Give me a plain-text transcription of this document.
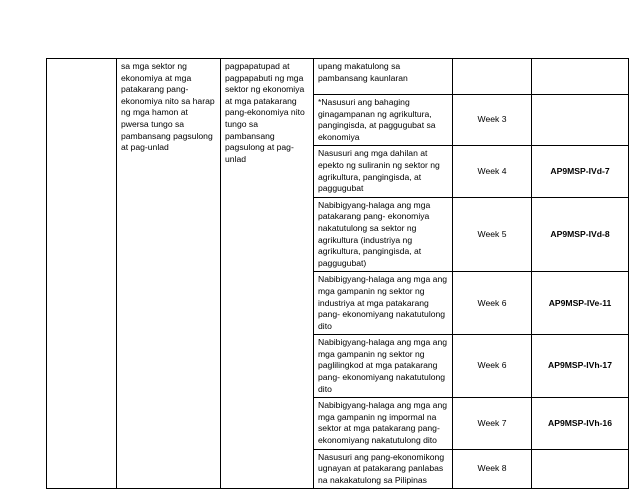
	sa mga sektor ng ekonomiya at mga patakarang pang-ekonomiya nito sa harap ng mga hamon at pwersa tungo sa pambansang pagsulong at pag-unlad	pagpapatupad at pagpapabuti ng mga sektor ng ekonomiya at mga patakarang pang-ekonomiya nito tungo sa pambansang pagsulong at pag-unlad	upang makatulong sa pambansang kaunlaran		
			*Nasusuri ang bahaging ginagampanan ng agrikultura, pangingisda, at paggugubat sa ekonomiya	Week 3	
			Nasusuri ang mga dahilan at epekto ng suliranin ng sektor ng agrikultura, pangingisda, at paggugubat	Week 4	AP9MSP-IVd-7
			Nabibigyang-halaga ang mga patakarang pang- ekonomiya nakatutulong sa sektor ng agrikultura (industriya ng agrikultura, pangingisda, at paggugubat)	Week 5	AP9MSP-IVd-8
			Nabibigyang-halaga ang mga ang mga gampanin ng sektor ng industriya at mga patakarang pang- ekonomiyang nakatutulong dito	Week 6	AP9MSP-IVe-11
			Nabibigyang-halaga ang mga ang mga gampanin ng sektor ng paglilingkod at mga patakarang pang- ekonomiyang nakatutulong dito	Week 6	AP9MSP-IVh-17
			Nabibigyang-halaga ang mga ang mga gampanin ng impormal na sektor at mga patakarang pang-ekonomiyang nakatutulong dito	Week 7	AP9MSP-IVh-16
			Nasusuri ang pang-ekonomikong ugnayan at patakarang panlabas na nakakatulong sa Pilipinas	Week 8	
